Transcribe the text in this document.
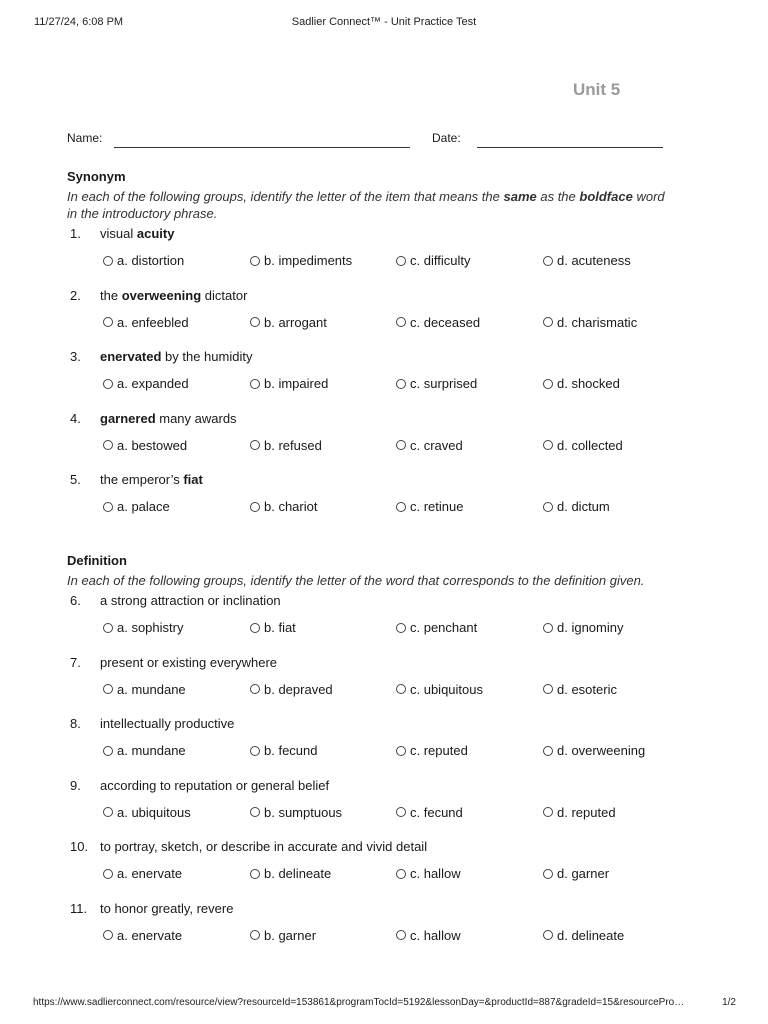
11/27/24, 6:08 PM	Sadlier Connect™ - Unit Practice Test
Unit 5
Name:	Date:
Synonym
In each of the following groups, identify the letter of the item that means the same as the boldface word in the introductory phrase.
1. visual acuity
a. distortion	b. impediments	c. difficulty	d. acuteness
2. the overweening dictator
a. enfeebled	b. arrogant	c. deceased	d. charismatic
3. enervated by the humidity
a. expanded	b. impaired	c. surprised	d. shocked
4. garnered many awards
a. bestowed	b. refused	c. craved	d. collected
5. the emperor’s fiat
a. palace	b. chariot	c. retinue	d. dictum
Definition
In each of the following groups, identify the letter of the word that corresponds to the definition given.
6. a strong attraction or inclination
a. sophistry	b. fiat	c. penchant	d. ignominy
7. present or existing everywhere
a. mundane	b. depraved	c. ubiquitous	d. esoteric
8. intellectually productive
a. mundane	b. fecund	c. reputed	d. overweening
9. according to reputation or general belief
a. ubiquitous	b. sumptuous	c. fecund	d. reputed
10. to portray, sketch, or describe in accurate and vivid detail
a. enervate	b. delineate	c. hallow	d. garner
11. to honor greatly, revere
a. enervate	b. garner	c. hallow	d. delineate
https://www.sadlierconnect.com/resource/view?resourceId=153861&programTocId=5192&lessonDay=&productId=887&gradeId=15&resourcePro…	1/2
